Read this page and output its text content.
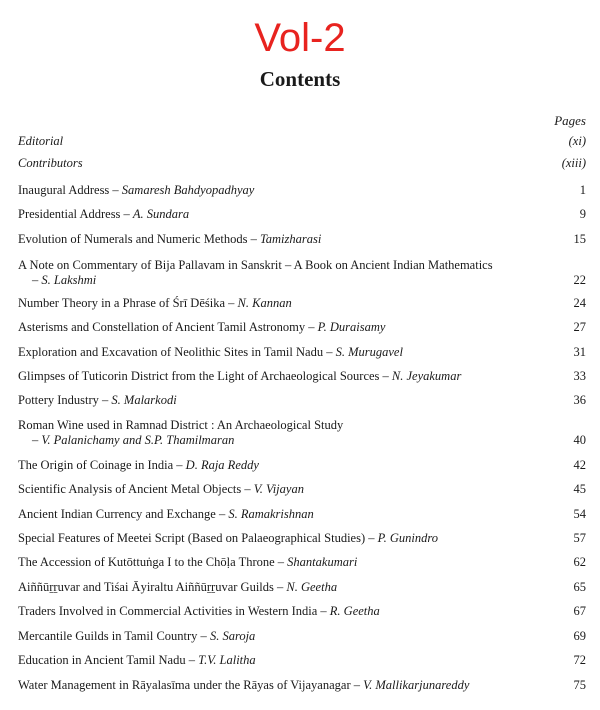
Vol-2
Contents
Pages
Editorial	(xi)
Contributors	(xiii)
Inaugural Address – Samaresh Bahdyopadhyay	1
Presidential Address – A. Sundara	9
Evolution of Numerals and Numeric Methods – Tamizharasi	15
A Note on Commentary of Bija Pallavam in Sanskrit – A Book on Ancient Indian Mathematics
– S. Lakshmi	22
Number Theory in a Phrase of Śrī Dēśika – N. Kannan	24
Asterisms and Constellation of Ancient Tamil Astronomy – P. Duraisamy	27
Exploration and Excavation of Neolithic Sites in Tamil Nadu – S. Murugavel	31
Glimpses of Tuticorin District from the Light of Archaeological Sources – N. Jeyakumar	33
Pottery Industry – S. Malarkodi	36
Roman Wine used in Ramnad District : An Archaeological Study
– V. Palanichamy and S.P. Thamilmaran	40
The Origin of Coinage in India – D. Raja Reddy	42
Scientific Analysis of Ancient Metal Objects – V. Vijayan	45
Ancient Indian Currency and Exchange – S. Ramakrishnan	54
Special Features of Meetei Script (Based on Palaeographical Studies) – P. Gunindro	57
The Accession of Kutōttuṅga I to the Chōḷa Throne – Shantakumari	62
Aiññūṟṟuvar and Tiśai Āyiraltu Aiññūṟṟuvar Guilds – N. Geetha	65
Traders Involved in Commercial Activities in Western India – R. Geetha	67
Mercantile Guilds in Tamil Country – S. Saroja	69
Education in Ancient Tamil Nadu – T.V. Lalitha	72
Water Management in Rāyalasīma under the Rāyas of Vijayanagar – V. Mallikarjunareddy	75
